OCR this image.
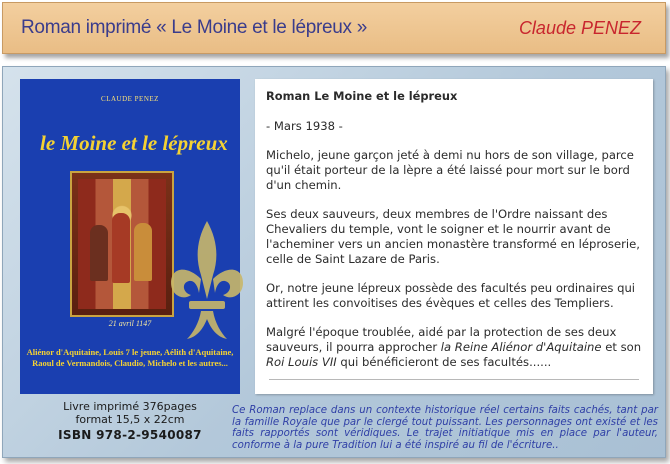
Roman imprimé « Le Moine et le lépreux »	Claude PENEZ
CLAUDE PENEZ
le Moine et le lépreux
21 avril 1147
Aliénor d'Aquitaine, Louis 7 le jeune, Aélith d'Aquitaine, Raoul de Vermandois, Claudio, Michelo et les autres...
Livre imprimé 376pages
format 15,5 x 22cm
ISBN 978-2-9540087

Roman Le Moine et le lépreux

- Mars 1938 -

Michelo, jeune garçon jeté à demi nu hors de son village, parce qu'il était porteur de la lèpre a été laissé pour mort sur le bord d'un chemin.

Ses deux sauveurs, deux membres de l'Ordre naissant des Chevaliers du temple, vont le soigner et le nourrir avant de l'acheminer vers un ancien monastère transformé en léproserie, celle de Saint Lazare de Paris.

Or, notre jeune lépreux possède des facultés peu ordinaires qui attirent les convoitises des évèques et celles des Templiers.

Malgré l'époque troublée, aidé par la protection de ses deux sauveurs, il pourra approcher la Reine Aliénor d'Aquitaine et son Roi Louis VII qui bénéficieront de ses facultés......

Ce Roman replace dans un contexte historique réel certains faits cachés, tant par la famille Royale que par le clergé tout puissant. Les personnages ont existé et les faits rapportés sont véridiques. Le trajet initiatique mis en place par l'auteur, conforme à la pure Tradition lui a été inspiré au fil de l'écriture..
